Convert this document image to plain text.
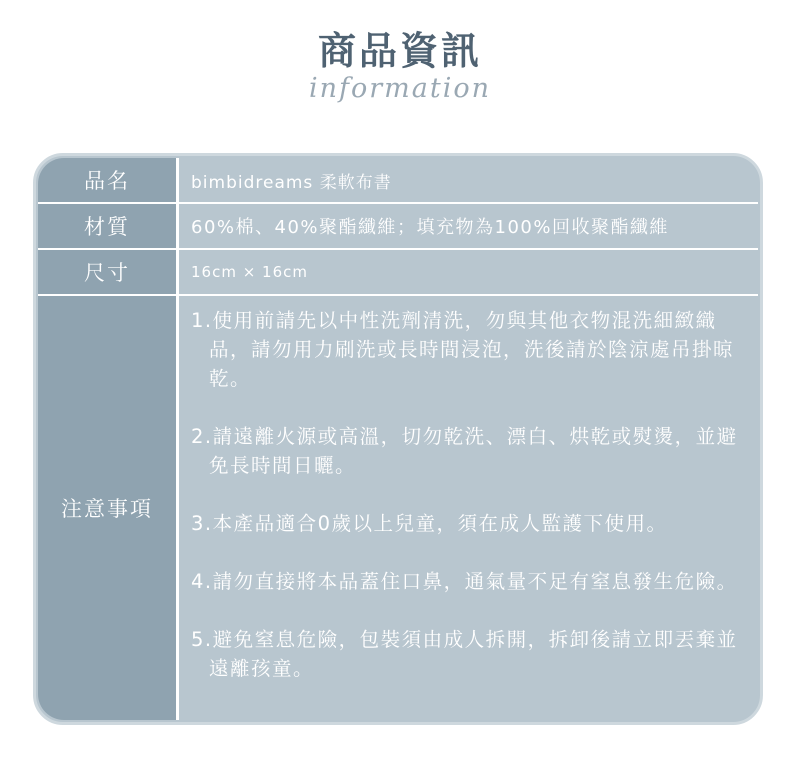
商品資訊
information
品名	bimbidreams 柔軟布書
材質	60%棉、40%聚酯纖維；填充物為100%回收聚酯纖維
尺寸	16cm × 16cm
注意事項
1.使用前請先以中性洗劑清洗，勿與其他衣物混洗細緻織品，請勿用力刷洗或長時間浸泡，洗後請於陰涼處吊掛晾乾。
2.請遠離火源或高溫，切勿乾洗、漂白、烘乾或熨燙，並避免長時間日曬。
3.本產品適合0歲以上兒童，須在成人監護下使用。
4.請勿直接將本品蓋住口鼻，通氣量不足有窒息發生危險。
5.避免窒息危險，包裝須由成人拆開，拆卸後請立即丟棄並遠離孩童。
